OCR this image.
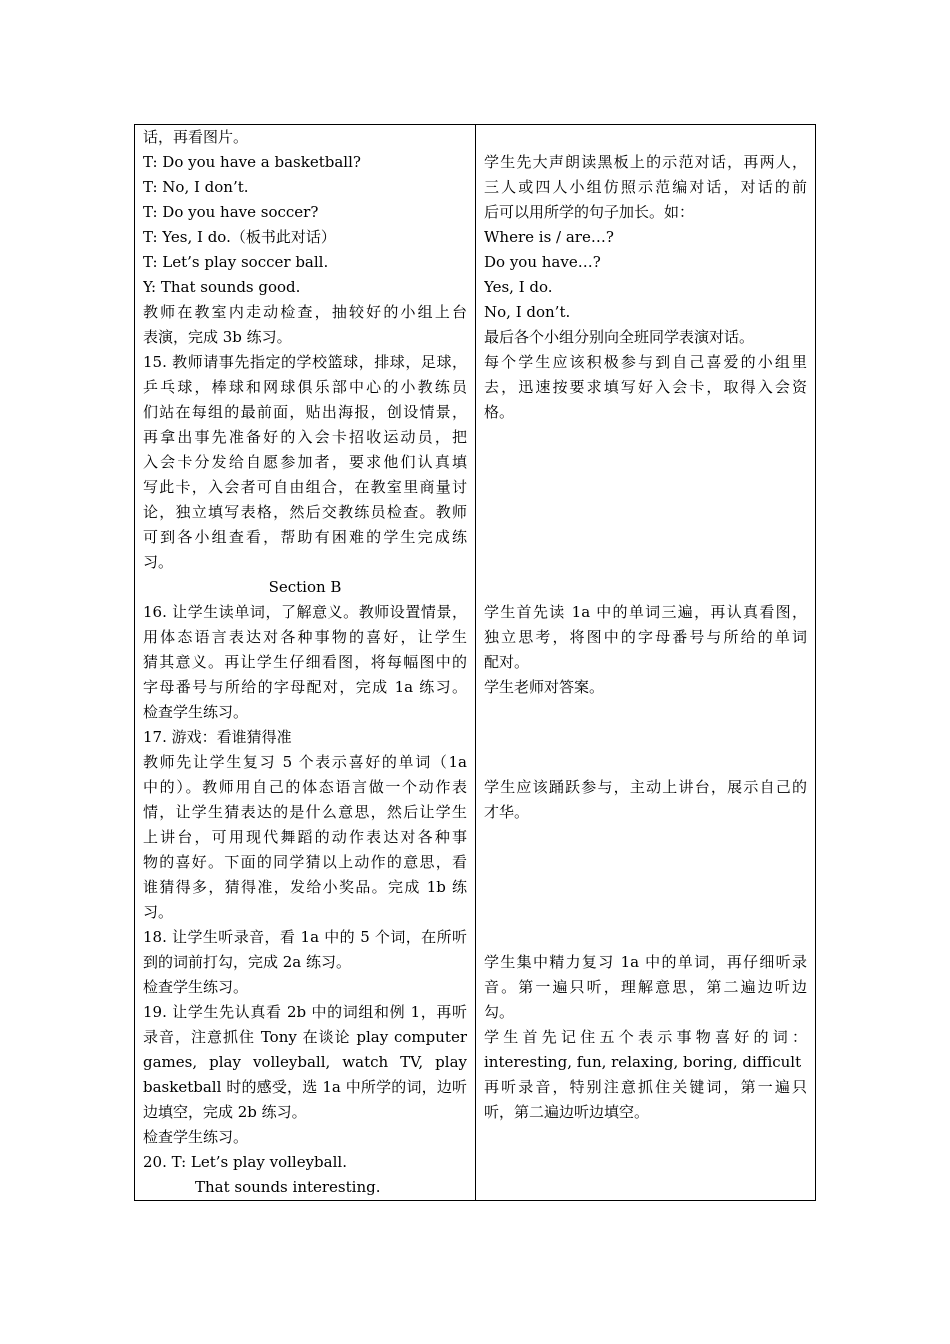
话，再看图片。
T: Do you have a basketball?
T: No, I don’t.
T: Do you have soccer?
T: Yes, I do.（板书此对话）
T: Let’s play soccer ball.
Y: That sounds good.
教师在教室内走动检查，抽较好的小组上台
表演，完成 3b 练习。
15. 教师请事先指定的学校篮球，排球，足球，
乒乓球，棒球和网球俱乐部中心的小教练员
们站在每组的最前面，贴出海报，创设情景，
再拿出事先准备好的入会卡招收运动员，把
入会卡分发给自愿参加者，要求他们认真填
写此卡，入会者可自由组合，在教室里商量讨
论，独立填写表格，然后交教练员检查。教师
可到各小组查看，帮助有困难的学生完成练
习。
Section B
16. 让学生读单词，了解意义。教师设置情景，
用体态语言表达对各种事物的喜好，让学生
猜其意义。再让学生仔细看图，将每幅图中的
字母番号与所给的字母配对，完成 1a 练习。
检查学生练习。
17. 游戏：看谁猜得准
教师先让学生复习 5 个表示喜好的单词（1a
中的）。教师用自己的体态语言做一个动作表
情，让学生猜表达的是什么意思，然后让学生
上讲台，可用现代舞蹈的动作表达对各种事
物的喜好。下面的同学猜以上动作的意思，看
谁猜得多，猜得准，发给小奖品。完成 1b 练
习。
18. 让学生听录音，看 1a 中的 5 个词，在所听
到的词前打勾，完成 2a 练习。
检查学生练习。
19. 让学生先认真看 2b 中的词组和例 1，再听
录音，注意抓住 Tony 在谈论 play computer
games, play volleyball, watch TV, play
basketball 时的感受，选 1a 中所学的词，边听
边填空，完成 2b 练习。
检查学生练习。
20. T: Let’s play volleyball.
That sounds interesting.

学生先大声朗读黑板上的示范对话，再两人，
三人或四人小组仿照示范编对话，对话的前
后可以用所学的句子加长。如：
Where is / are…?
Do you have…?
Yes, I do.
No, I don’t.
最后各个小组分别向全班同学表演对话。
每个学生应该积极参与到自己喜爱的小组里
去，迅速按要求填写好入会卡，取得入会资
格。
学生首先读 1a 中的单词三遍，再认真看图，
独立思考，将图中的字母番号与所给的单词
配对。
学生老师对答案。
学生应该踊跃参与，主动上讲台，展示自己的
才华。
学生集中精力复习 1a 中的单词，再仔细听录
音。第一遍只听，理解意思，第二遍边听边
勾。
学生首先记住五个表示事物喜好的词：
interesting, fun, relaxing, boring, difficult
再听录音，特别注意抓住关键词，第一遍只
听，第二遍边听边填空。
